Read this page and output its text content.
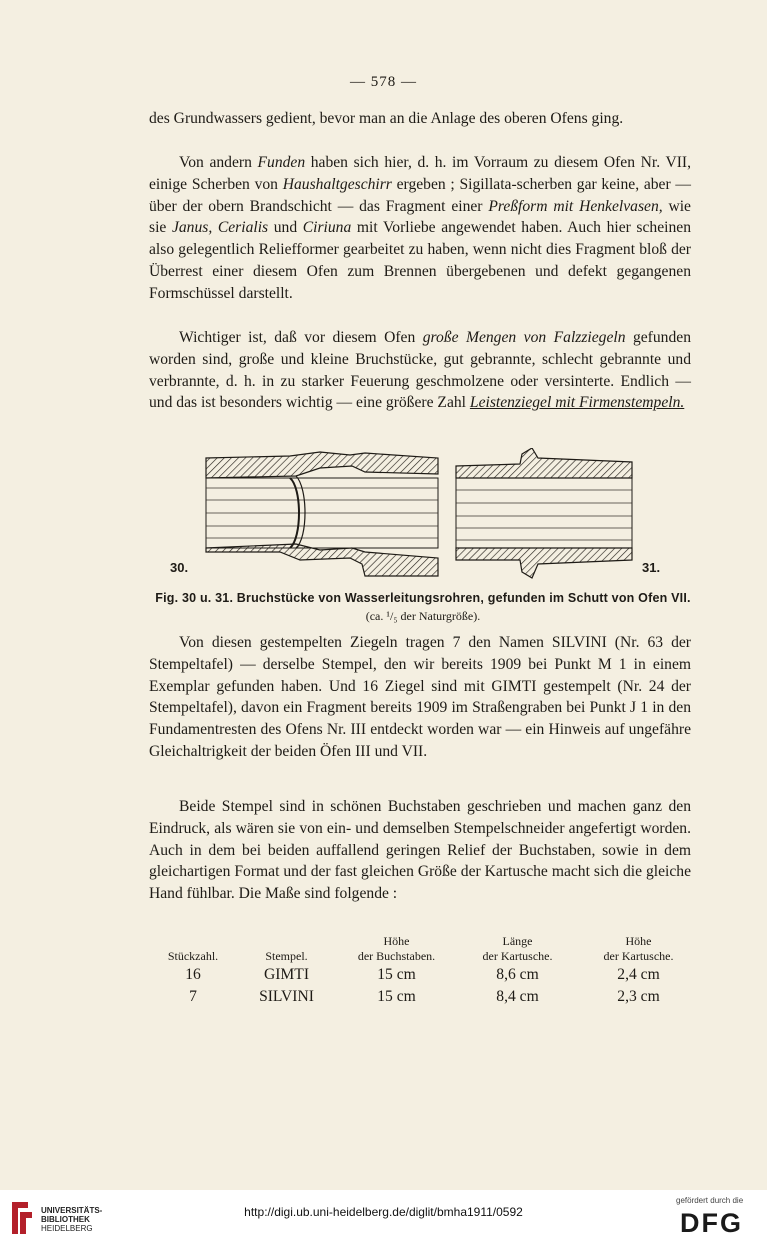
— 578 —

des Grundwassers gedient, bevor man an die Anlage des oberen Ofens ging.

Von andern Funden haben sich hier, d. h. im Vorraum zu diesem Ofen Nr. VII, einige Scherben von Haushaltgeschirr ergeben ; Sigillata-scherben gar keine, aber — über der obern Brandschicht — das Fragment einer Preßform mit Henkelvasen, wie sie Janus, Cerialis und Ciriuna mit Vorliebe angewendet haben. Auch hier scheinen also gelegentlich Reliefformer gearbeitet zu haben, wenn nicht dies Fragment bloß der Überrest einer diesem Ofen zum Brennen übergebenen und defekt gegangenen Formschüssel darstellt.

Wichtiger ist, daß vor diesem Ofen große Mengen von Falzziegeln gefunden worden sind, große und kleine Bruchstücke, gut gebrannte, schlecht gebrannte und verbrannte, d. h. in zu starker Feuerung geschmolzene oder versinterte. Endlich — und das ist besonders wichtig — eine größere Zahl Leistenziegel mit Firmenstempeln.

30.	31.
Fig. 30 u. 31. Bruchstücke von Wasserleitungsrohren, gefunden im Schutt von Ofen VII.
(ca. ¹/₅ der Naturgröße).

Von diesen gestempelten Ziegeln tragen 7 den Namen SILVINI (Nr. 63 der Stempeltafel) — derselbe Stempel, den wir bereits 1909 bei Punkt M 1 in einem Exemplar gefunden haben. Und 16 Ziegel sind mit GIMTI gestempelt (Nr. 24 der Stempeltafel), davon ein Fragment bereits 1909 im Straßengraben bei Punkt J 1 in den Fundamentresten des Ofens Nr. III entdeckt worden war — ein Hinweis auf ungefähre Gleichaltrigkeit der beiden Öfen III und VII.

Beide Stempel sind in schönen Buchstaben geschrieben und machen ganz den Eindruck, als wären sie von ein- und demselben Stempelschneider angefertigt worden. Auch in dem bei beiden auffallend geringen Relief der Buchstaben, sowie in dem gleichartigen Format und der fast gleichen Größe der Kartusche macht sich die gleiche Hand fühlbar. Die Maße sind folgende :

		Höhe	Länge	Höhe
Stückzahl.	Stempel.	der Buchstaben.	der Kartusche.	der Kartusche.
16	GIMTI	15 cm	8,6 cm	2,4 cm
7	SILVINI	15 cm	8,4 cm	2,3 cm
UNIVERSITÄTS-
BIBLIOTHEK
HEIDELBERG
http://digi.ub.uni-heidelberg.de/diglit/bmha1911/0592
gefördert durch die
DFG
